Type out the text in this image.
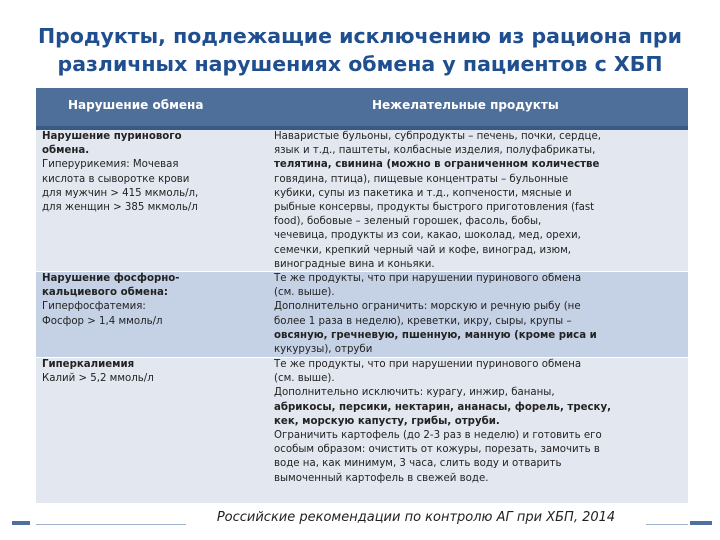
Продукты, подлежащие исключению из рациона при
различных нарушениях обмена у пациентов с ХБП
Нарушение обмена	Нежелательные продукты
Нарушение пуринового
обмена.
Гиперурикемия: Мочевая
кислота в сыворотке крови
для мужчин > 415 мкмоль/л,
для женщин > 385 мкмоль/л
Наваристые бульоны, субпродукты – печень, почки, сердце,
язык и т.д., паштеты, колбасные изделия, полуфабрикаты,
телятина, свинина (можно в ограниченном количестве
говядина, птица), пищевые концентраты – бульонные
кубики, супы из пакетика и т.д., копчености, мясные и
рыбные консервы, продукты быстрого приготовления (fast
food), бобовые – зеленый горошек, фасоль, бобы,
чечевица, продукты из сои, какао, шоколад, мед, орехи,
семечки, крепкий черный чай и кофе, виноград, изюм,
виноградные вина и коньяки.
Нарушение фосфорно-
кальциевого обмена:
Гиперфосфатемия:
Фосфор > 1,4 ммоль/л
Те же продукты, что при нарушении пуринового обмена
(см. выше).
Дополнительно ограничить: морскую и речную рыбу (не
более 1 раза в неделю), креветки, икру, сыры, крупы –
овсяную, гречневую, пшенную, манную (кроме риса и
кукурузы), отруби
Гиперкалиемия
Калий > 5,2 ммоль/л
Те же продукты, что при нарушении пуринового обмена
(см. выше).
Дополнительно исключить: курагу, инжир, бананы,
абрикосы, персики, нектарин, ананасы, форель, треску,
кек, морскую капусту, грибы, отруби.
Ограничить картофель (до 2-3 раз в неделю) и готовить его
особым образом: очистить от кожуры, порезать, замочить в
воде на, как минимум, 3 часа, слить воду и отварить
вымоченный картофель в свежей воде.
Российские рекомендации по контролю АГ при ХБП, 2014
